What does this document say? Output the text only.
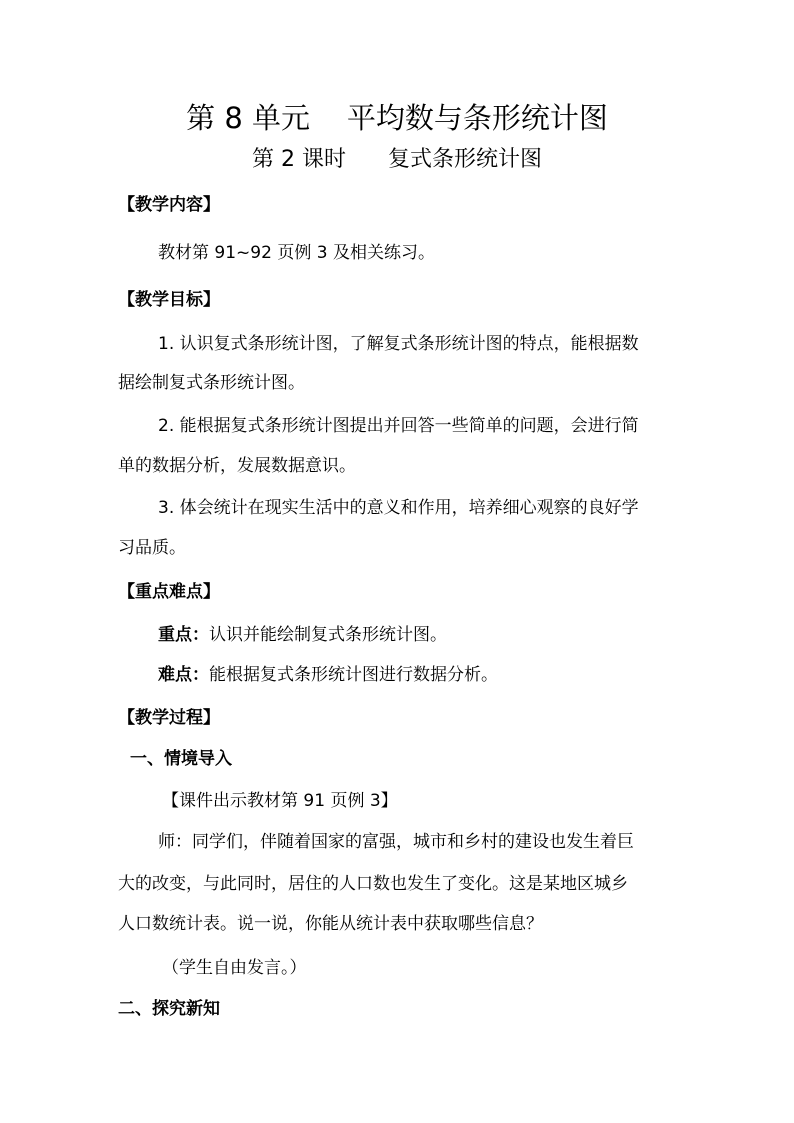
第 8 单元    平均数与条形统计图
第 2 课时      复式条形统计图

【教学内容】

教材第 91~92 页例 3 及相关练习。

【教学目标】

1. 认识复式条形统计图，了解复式条形统计图的特点，能根据数

据绘制复式条形统计图。

2. 能根据复式条形统计图提出并回答一些简单的问题，会进行简

单的数据分析，发展数据意识。

3. 体会统计在现实生活中的意义和作用，培养细心观察的良好学

习品质。

【重点难点】

重点：认识并能绘制复式条形统计图。

难点：能根据复式条形统计图进行数据分析。

【教学过程】

一、情境导入

【课件出示教材第 91 页例 3】

师：同学们，伴随着国家的富强，城市和乡村的建设也发生着巨

大的改变，与此同时，居住的人口数也发生了变化。这是某地区城乡

人口数统计表。说一说，你能从统计表中获取哪些信息？

（学生自由发言。）

二、探究新知
